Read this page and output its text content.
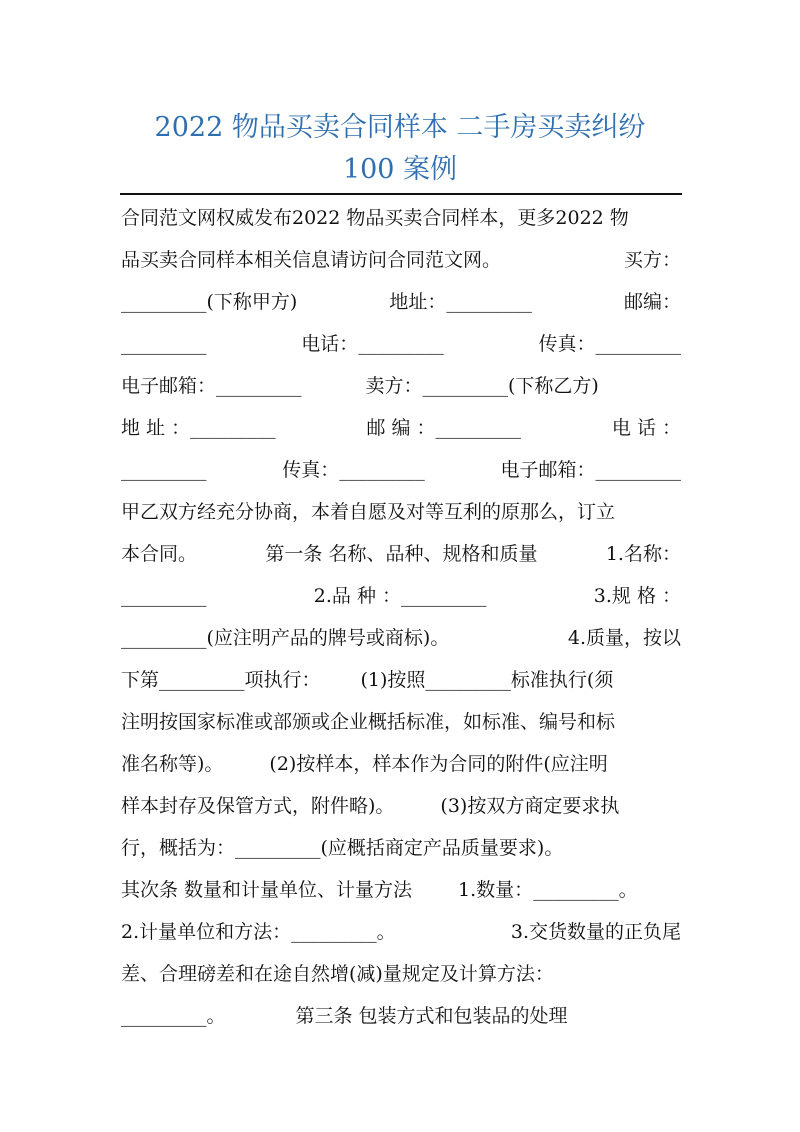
2022 物品买卖合同样本 二手房买卖纠纷
100 案例
合同范文网权威发布2022 物品买卖合同样本，更多2022 物
品买卖合同样本相关信息请访问合同范文网。	买方：
_________(下称甲方)	地址：_________	邮编：
_________	电话：_________	传真：_________
电子邮箱：_________	卖方：_________(下称乙方)
地 址 ：_________	邮 编 ：_________	电 话 ：
_________	传真：_________	电子邮箱：_________
甲乙双方经充分协商，本着自愿及对等互利的原那么，订立
本合同。	第一条 名称、品种、规格和质量	1.名称：
_________	2.品 种 ：_________	3.规 格 ：
_________(应注明产品的牌号或商标)。	4.质量，按以
下第_________项执行： (1)按照_________标准执行(须
注明按国家标准或部颁或企业概括标准，如标准、编号和标
准名称等)。 (2)按样本，样本作为合同的附件(应注明
样本封存及保管方式，附件略)。 (3)按双方商定要求执
行，概括为：_________(应概括商定产品质量要求)。
其次条 数量和计量单位、计量方法 1.数量：_________。
2.计量单位和方法：_________。	3.交货数量的正负尾
差、合理磅差和在途自然增(减)量规定及计算方法：
_________。	第三条 包装方式和包装品的处理
